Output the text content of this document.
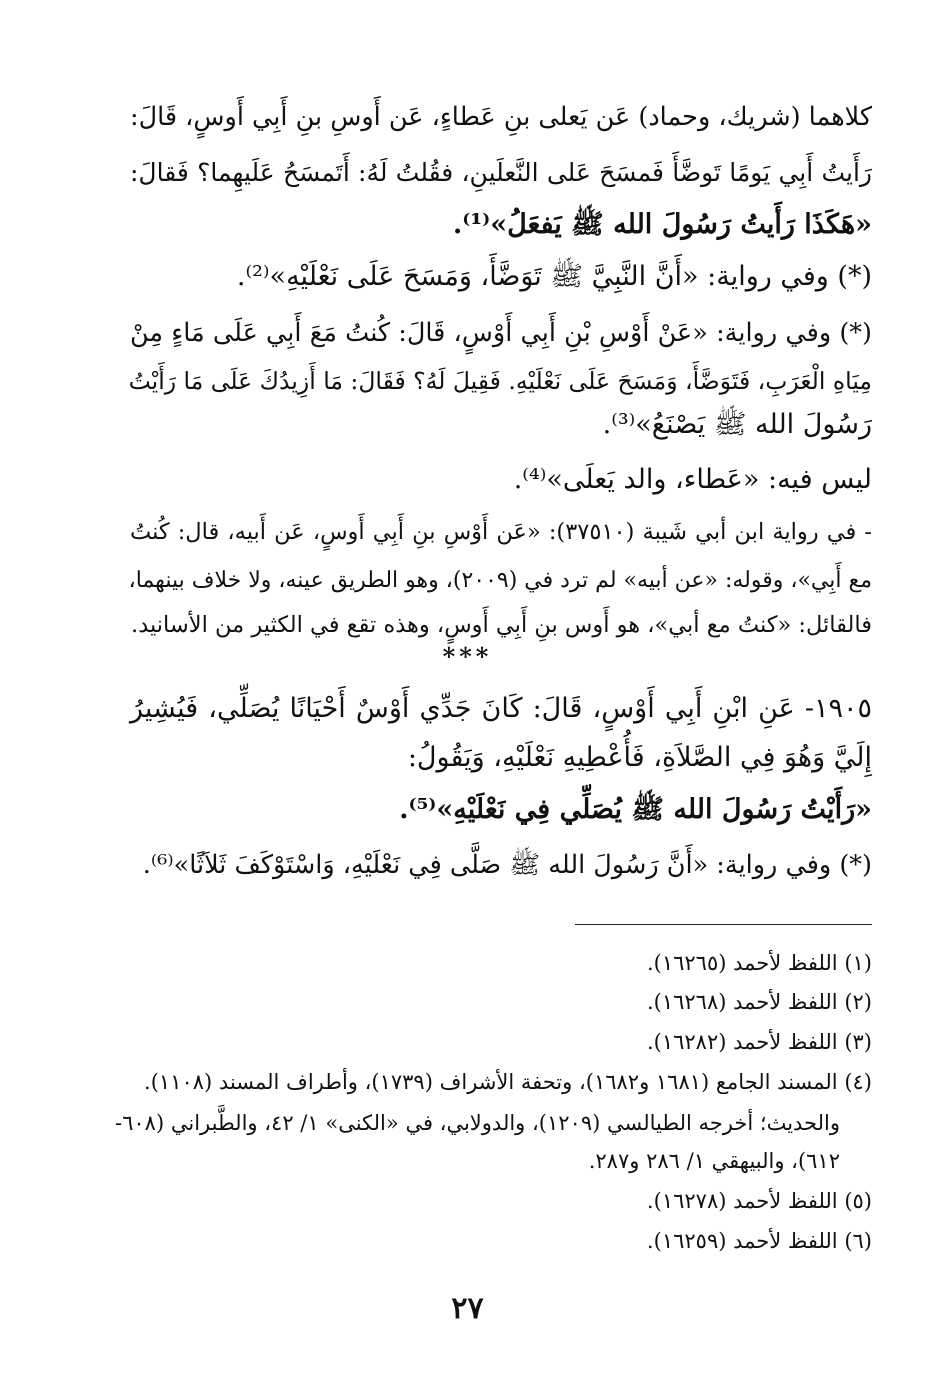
كلاهما (شريك، وحماد) عَن يَعلى بنِ عَطاءٍ، عَن أَوسِ بنِ أَبِي أَوسٍ، قَالَ:

رَأَيتُ أَبِي يَومًا تَوضَّأَ فَمسَحَ عَلى النَّعلَينِ، فقُلتُ لَهُ: أَتَمسَحُ عَلَيهِما؟ فَقالَ:

«هَكَذَا رَأَيتُ رَسُولَ الله ﷺ يَفعَلُ»⁽¹⁾.

(*) وفي رواية: «أَنَّ النَّبِيَّ ﷺ تَوَضَّأَ، وَمَسَحَ عَلَى نَعْلَيْهِ»⁽²⁾.

(*) وفي رواية: «عَنْ أَوْسِ بْنِ أَبِي أَوْسٍ، قَالَ: كُنتُ مَعَ أَبِي عَلَى مَاءٍ مِنْ

مِيَاهِ الْعَرَبِ، فَتَوَضَّأَ، وَمَسَحَ عَلَى نَعْلَيْهِ. فَقِيلَ لَهُ؟ فَقَالَ: مَا أَزِيدُكَ عَلَى مَا رَأَيْتُ

رَسُولَ الله ﷺ يَصْنَعُ»⁽³⁾.

ليس فيه: «عَطاء، والد يَعلَى»⁽⁴⁾.

- في رواية ابن أبي شَيبة (٣٧٥١٠): «عَن أَوْسِ بنِ أَبِي أَوسٍ، عَن أَبيه، قال: كُنتُ

مع أَبِي»، وقوله: «عن أبيه» لم ترد في (٢٠٠٩)، وهو الطريق عينه، ولا خلاف بينهما،

فالقائل: «كنتُ مع أبي»، هو أَوس بنِ أَبِي أَوسٍ، وهذه تقع في الكثير من الأسانيد.

***

١٩٠٥- عَنِ ابْنِ أَبِي أَوْسٍ، قَالَ: كَانَ جَدِّي أَوْسٌ أَحْيَانًا يُصَلِّي، فَيُشِيرُ

إِلَيَّ وَهُوَ فِي الصَّلاَةِ، فَأُعْطِيهِ نَعْلَيْهِ، وَيَقُولُ:

«رَأَيْتُ رَسُولَ الله ﷺ يُصَلِّي فِي نَعْلَيْهِ»⁽⁵⁾.

(*) وفي رواية: «أَنَّ رَسُولَ الله ﷺ صَلَّى فِي نَعْلَيْهِ، وَاسْتَوْكَفَ ثَلاَثًا»⁽⁶⁾.

(١) اللفظ لأحمد (١٦٢٦٥).

(٢) اللفظ لأحمد (١٦٢٦٨).

(٣) اللفظ لأحمد (١٦٢٨٢).

(٤) المسند الجامع (١٦٨١ و١٦٨٢)، وتحفة الأشراف (١٧٣٩)، وأطراف المسند (١١٠٨).

والحديث؛ أخرجه الطيالسي (١٢٠٩)، والدولابي، في «الكنى» ١/ ٤٢، والطَّبراني (٦٠٨-

٦١٢)، والبيهقي ١/ ٢٨٦ و٢٨٧.

(٥) اللفظ لأحمد (١٦٢٧٨).

(٦) اللفظ لأحمد (١٦٢٥٩).

٢٧
